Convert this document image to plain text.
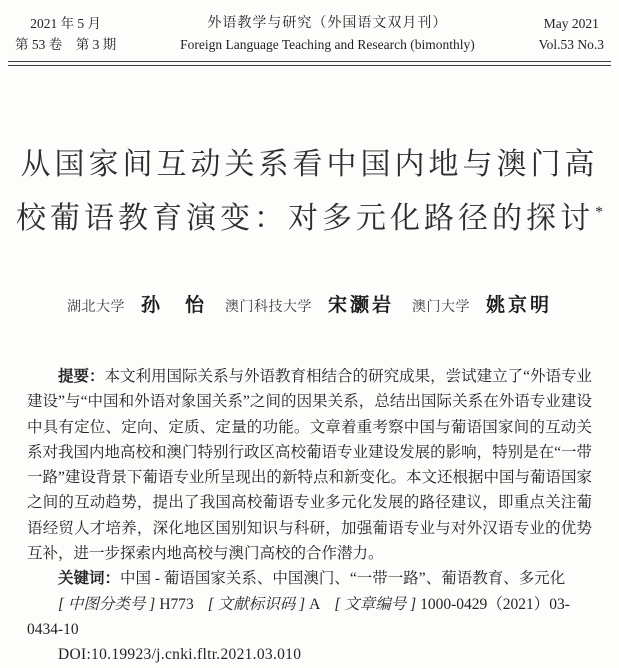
2021 年 5 月
第 53 卷　第 3 期
外语教学与研究（外国语文双月刊）
Foreign Language Teaching and Research (bimonthly)
May 2021
Vol.53 No.3
从国家间互动关系看中国内地与澳门高
校葡语教育演变：对多元化路径的探讨*
湖北大学 孙　怡 澳门科技大学 宋灏岩 澳门大学 姚京明
提要：本文利用国际关系与外语教育相结合的研究成果，尝试建立了“外语专业建设”与“中国和外语对象国关系”之间的因果关系，总结出国际关系在外语专业建设中具有定位、定向、定质、定量的功能。文章着重考察中国与葡语国家间的互动关系对我国内地高校和澳门特别行政区高校葡语专业建设发展的影响，特别是在“一带一路”建设背景下葡语专业所呈现出的新特点和新变化。本文还根据中国与葡语国家之间的互动趋势，提出了我国高校葡语专业多元化发展的路径建议，即重点关注葡语经贸人才培养，深化地区国别知识与科研，加强葡语专业与对外汉语专业的优势互补，进一步探索内地高校与澳门高校的合作潜力。
关键词：中国 - 葡语国家关系、中国澳门、“一带一路”、葡语教育、多元化
[ 中图分类号 ] H773 [ 文献标识码 ] A [ 文章编号 ] 1000-0429（2021）03-0434-10
DOI:10.19923/j.cnki.fltr.2021.03.010
